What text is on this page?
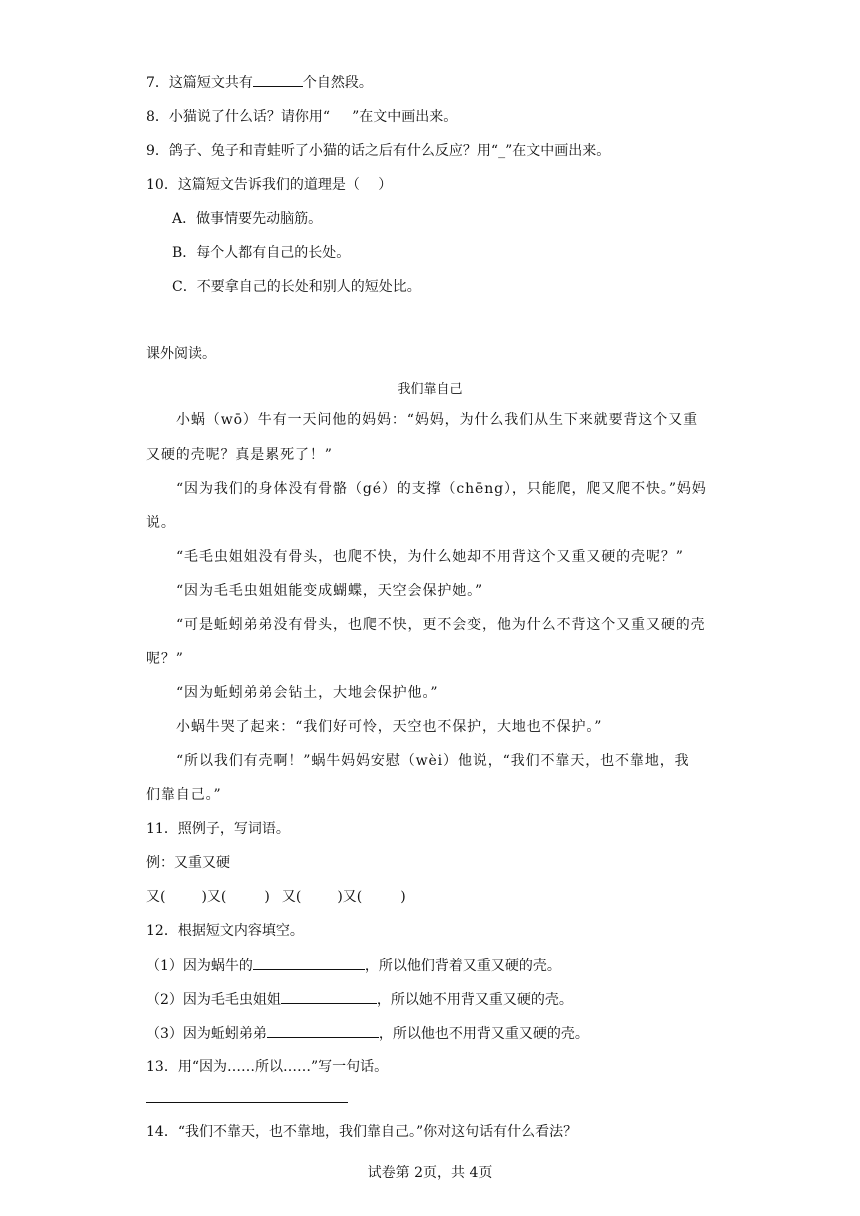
7．这篇短文共有	个自然段。
8．小猫说了什么话？请你用“ ”在文中画出来。
9．鸽子、兔子和青蛙听了小猫的话之后有什么反应？用“_”在文中画出来。
10．这篇短文告诉我们的道理是（　 ）
A．做事情要先动脑筋。
B．每个人都有自己的长处。
C．不要拿自己的长处和别人的短处比。
课外阅读。
我们靠自己
小蜗（wō）牛有一天问他的妈妈：“妈妈，为什么我们从生下来就要背这个又重
又硬的壳呢？真是累死了！”
“因为我们的身体没有骨骼（gé）的支撑（chēng），只能爬，爬又爬不快。”妈妈
说。
“毛毛虫姐姐没有骨头，也爬不快，为什么她却不用背这个又重又硬的壳呢？”
“因为毛毛虫姐姐能变成蝴蝶，天空会保护她。”
“可是蚯蚓弟弟没有骨头，也爬不快，更不会变，他为什么不背这个又重又硬的壳
呢？”
“因为蚯蚓弟弟会钻土，大地会保护他。”
小蜗牛哭了起来：“我们好可怜，天空也不保护，大地也不保护。”
“所以我们有壳啊！”蜗牛妈妈安慰（wèi）他说，“我们不靠天，也不靠地，我
们靠自己。”
11．照例子，写词语。
例：又重又硬
又(	)又(	) 又(	)又(	)
12．根据短文内容填空。
（1）因为蜗牛的	，所以他们背着又重又硬的壳。
（2）因为毛毛虫姐姐	，所以她不用背又重又硬的壳。
（3）因为蚯蚓弟弟	，所以他也不用背又重又硬的壳。
13．用“因为……所以……”写一句话。
14．“我们不靠天，也不靠地，我们靠自己。”你对这句话有什么看法？
试卷第 2页，共 4页
